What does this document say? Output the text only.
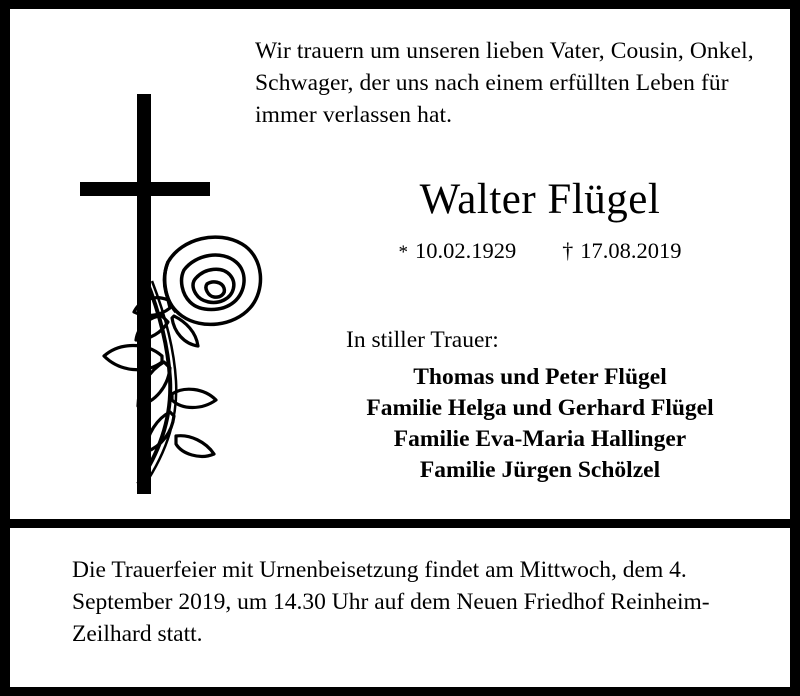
Wir trauern um unseren lieben Vater, Cousin, Onkel, Schwager, der uns nach einem erfüllten Leben für immer verlassen hat.
Walter Flügel
* 10.02.1929 † 17.08.2019
In stiller Trauer:
Thomas und Peter Flügel
Familie Helga und Gerhard Flügel
Familie Eva-Maria Hallinger
Familie Jürgen Schölzel
Die Trauerfeier mit Urnenbeisetzung findet am Mittwoch, dem 4. September 2019, um 14.30 Uhr auf dem Neuen Friedhof Reinheim-Zeilhard statt.
